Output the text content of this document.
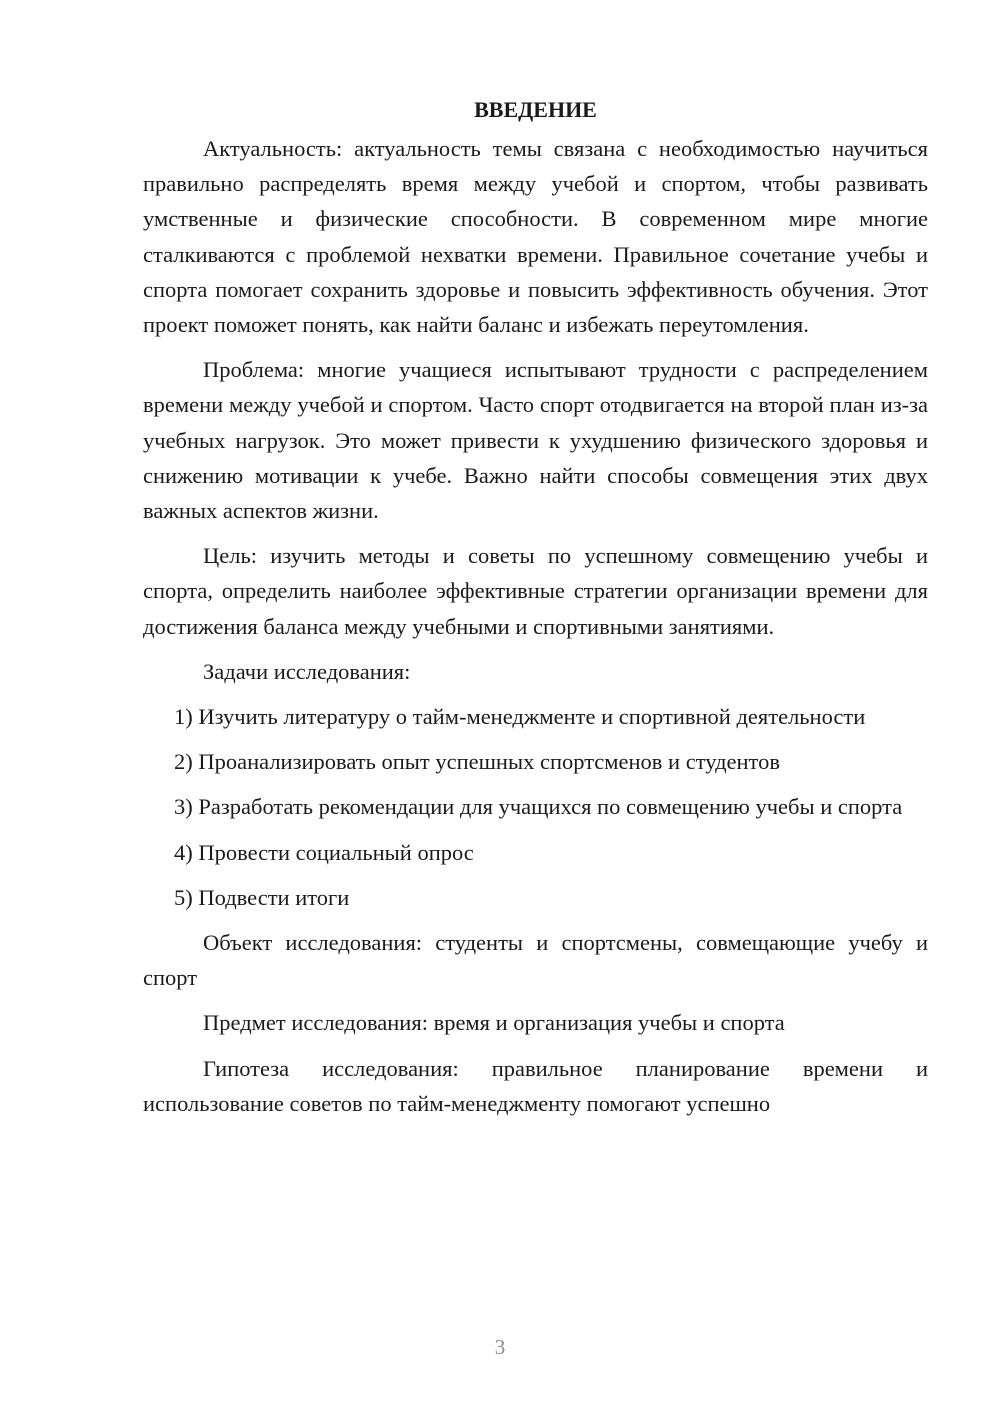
ВВЕДЕНИЕ

Актуальность: актуальность темы связана с необходимостью научиться правильно распределять время между учебой и спортом, чтобы развивать умственные и физические способности. В современном мире многие сталкиваются с проблемой нехватки времени. Правильное сочетание учебы и спорта помогает сохранить здоровье и повысить эффективность обучения. Этот проект поможет понять, как найти баланс и избежать переутомления.

Проблема: многие учащиеся испытывают трудности с распределением времени между учебой и спортом. Часто спорт отодвигается на второй план из-за учебных нагрузок. Это может привести к ухудшению физического здоровья и снижению мотивации к учебе. Важно найти способы совмещения этих двух важных аспектов жизни.

Цель: изучить методы и советы по успешному совмещению учебы и спорта, определить наиболее эффективные стратегии организации времени для достижения баланса между учебными и спортивными занятиями.

Задачи исследования:

1) Изучить литературу о тайм-менеджменте и спортивной деятельности

2) Проанализировать опыт успешных спортсменов и студентов

3) Разработать рекомендации для учащихся по совмещению учебы и спорта

4) Провести социальный опрос

5) Подвести итоги

Объект исследования: студенты и спортсмены, совмещающие учебу и спорт

Предмет исследования: время и организация учебы и спорта

Гипотеза исследования: правильное планирование времени и использование советов по тайм-менеджменту помогают успешно

3
